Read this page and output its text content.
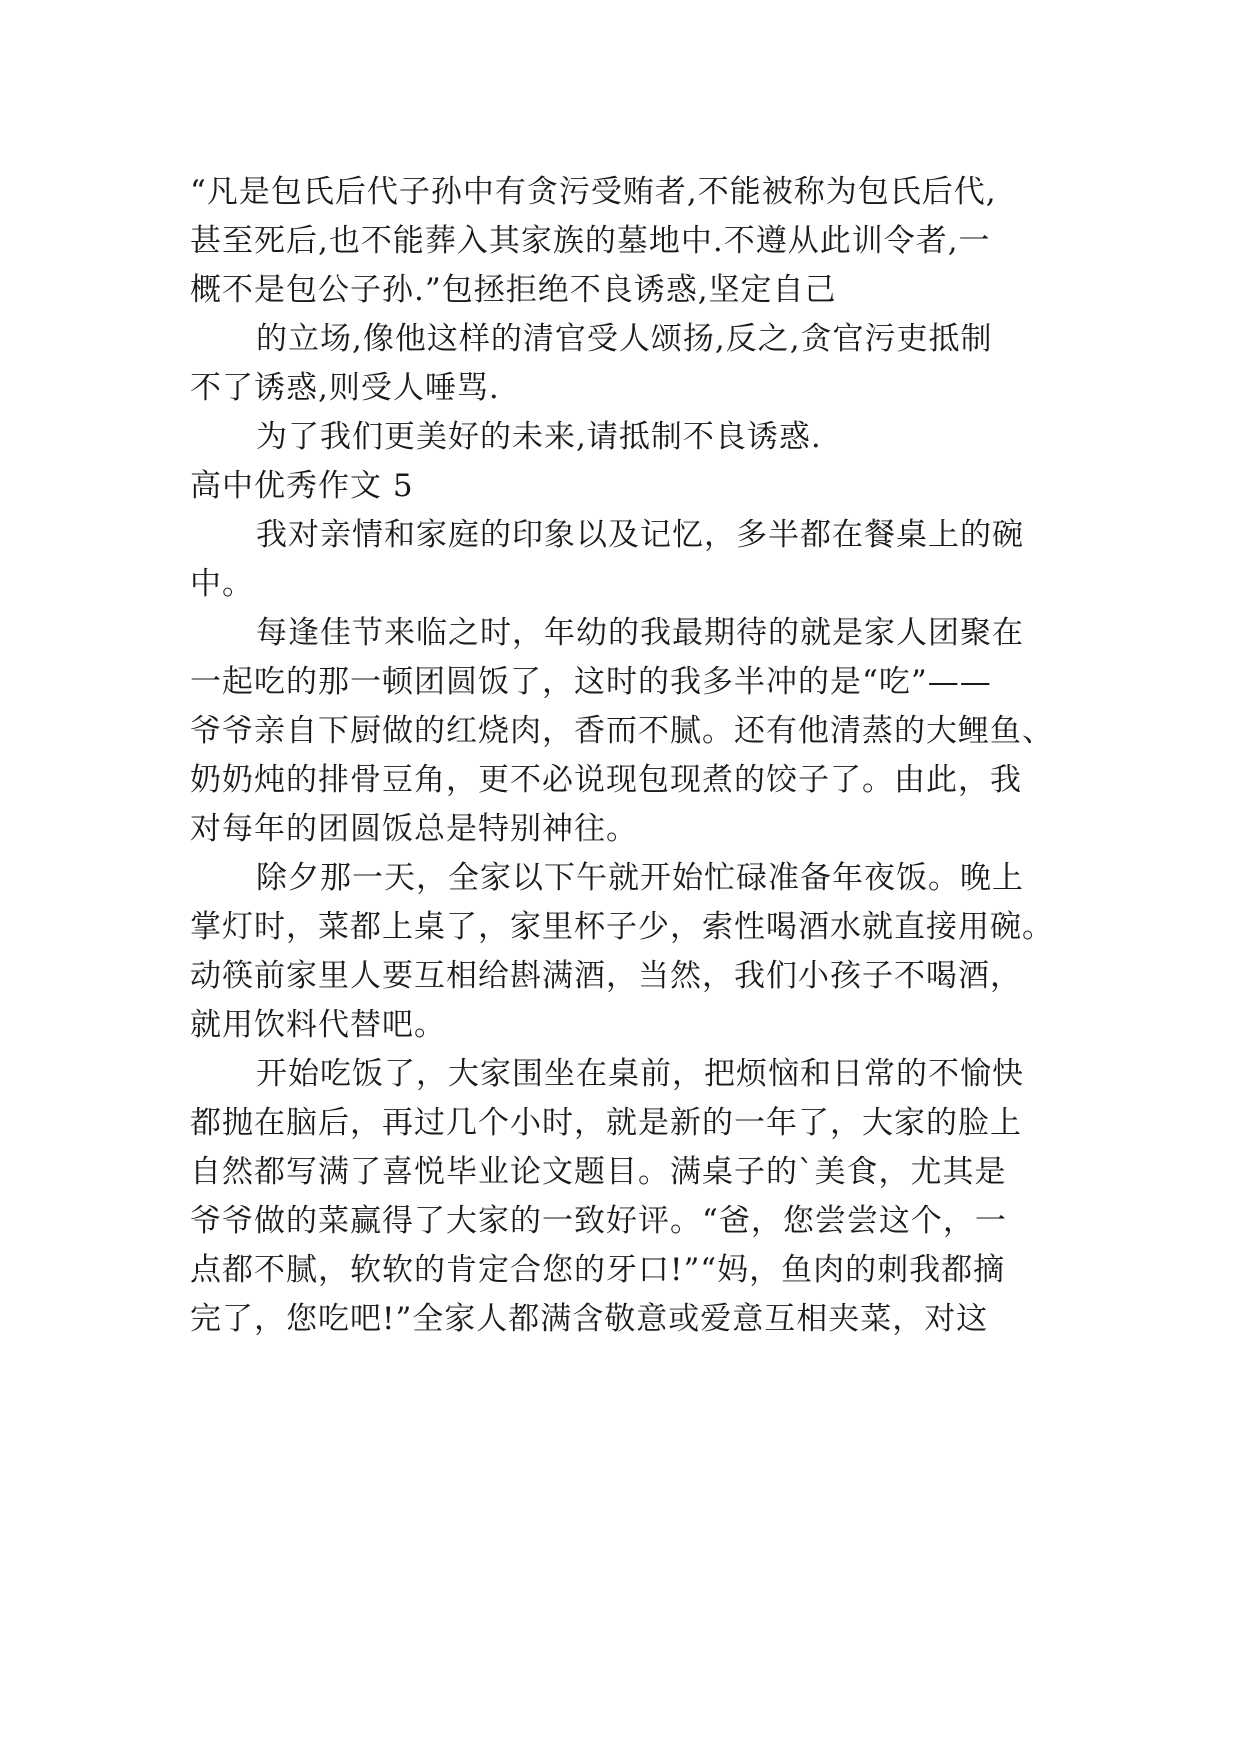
“凡是包氏后代子孙中有贪污受贿者,不能被称为包氏后代,
甚至死后,也不能葬入其家族的墓地中.不遵从此训令者,一
概不是包公子孙.”包拯拒绝不良诱惑,坚定自己
的立场,像他这样的清官受人颂扬,反之,贪官污吏抵制
不了诱惑,则受人唾骂.
为了我们更美好的未来,请抵制不良诱惑.
高中优秀作文 5
我对亲情和家庭的印象以及记忆，多半都在餐桌上的碗
中。
每逢佳节来临之时，年幼的我最期待的就是家人团聚在
一起吃的那一顿团圆饭了，这时的我多半冲的是“吃”——
爷爷亲自下厨做的红烧肉，香而不腻。还有他清蒸的大鲤鱼、
奶奶炖的排骨豆角，更不必说现包现煮的饺子了。由此，我
对每年的团圆饭总是特别神往。
除夕那一天，全家以下午就开始忙碌准备年夜饭。晚上
掌灯时，菜都上桌了，家里杯子少，索性喝酒水就直接用碗。
动筷前家里人要互相给斟满酒，当然，我们小孩子不喝酒，
就用饮料代替吧。
开始吃饭了，大家围坐在桌前，把烦恼和日常的不愉快
都抛在脑后，再过几个小时，就是新的一年了，大家的脸上
自然都写满了喜悦毕业论文题目。满桌子的`美食，尤其是
爷爷做的菜赢得了大家的一致好评。“爸，您尝尝这个，一
点都不腻，软软的肯定合您的牙口!”“妈，鱼肉的刺我都摘
完了，您吃吧!”全家人都满含敬意或爱意互相夹菜，对这
